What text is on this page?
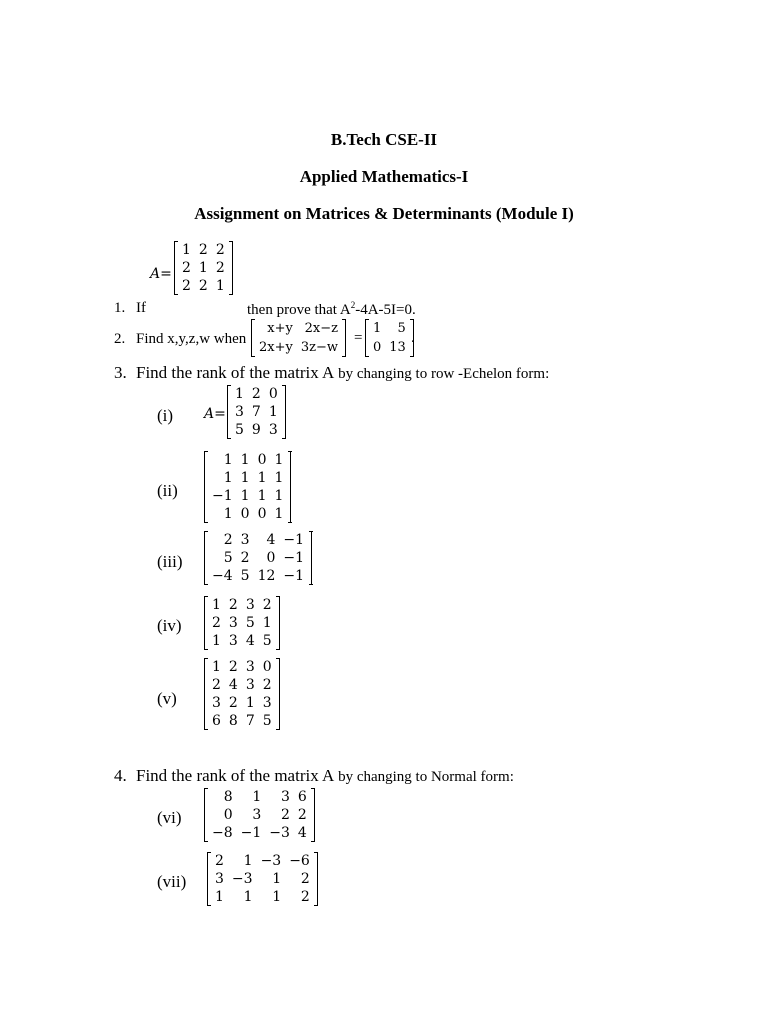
B.Tech CSE-II
Applied Mathematics-I
Assignment on Matrices & Determinants (Module I)
1. If
A=
1	2	2
2	1	2
2	2	1
then prove that $A^2-4A-5I=0$.
2. Find x,y,z,w when
x+y	2x−z
2x+y	3z−w
=
1	5
0	13
.
3. Find the rank of the matrix A by changing to row -Echelon form:
(i) A=
1	2	0
3	7	1
5	9	3
(ii)
1	1	0	1
1	1	1	1
−1	1	1	1
1	0	0	1
(iii)
2	3	4	−1
5	2	0	−1
−4	5	12	−1
(iv)
1	2	3	2
2	3	5	1
1	3	4	5
(v)
1	2	3	0
2	4	3	2
3	2	1	3
6	8	7	5
4. Find the rank of the matrix A by changing to Normal form:
(vi)
8	1	3	6
0	3	2	2
−8	−1	−3	4
(vii)
2	1	−3	−6
3	−3	1	2
1	1	1	2
